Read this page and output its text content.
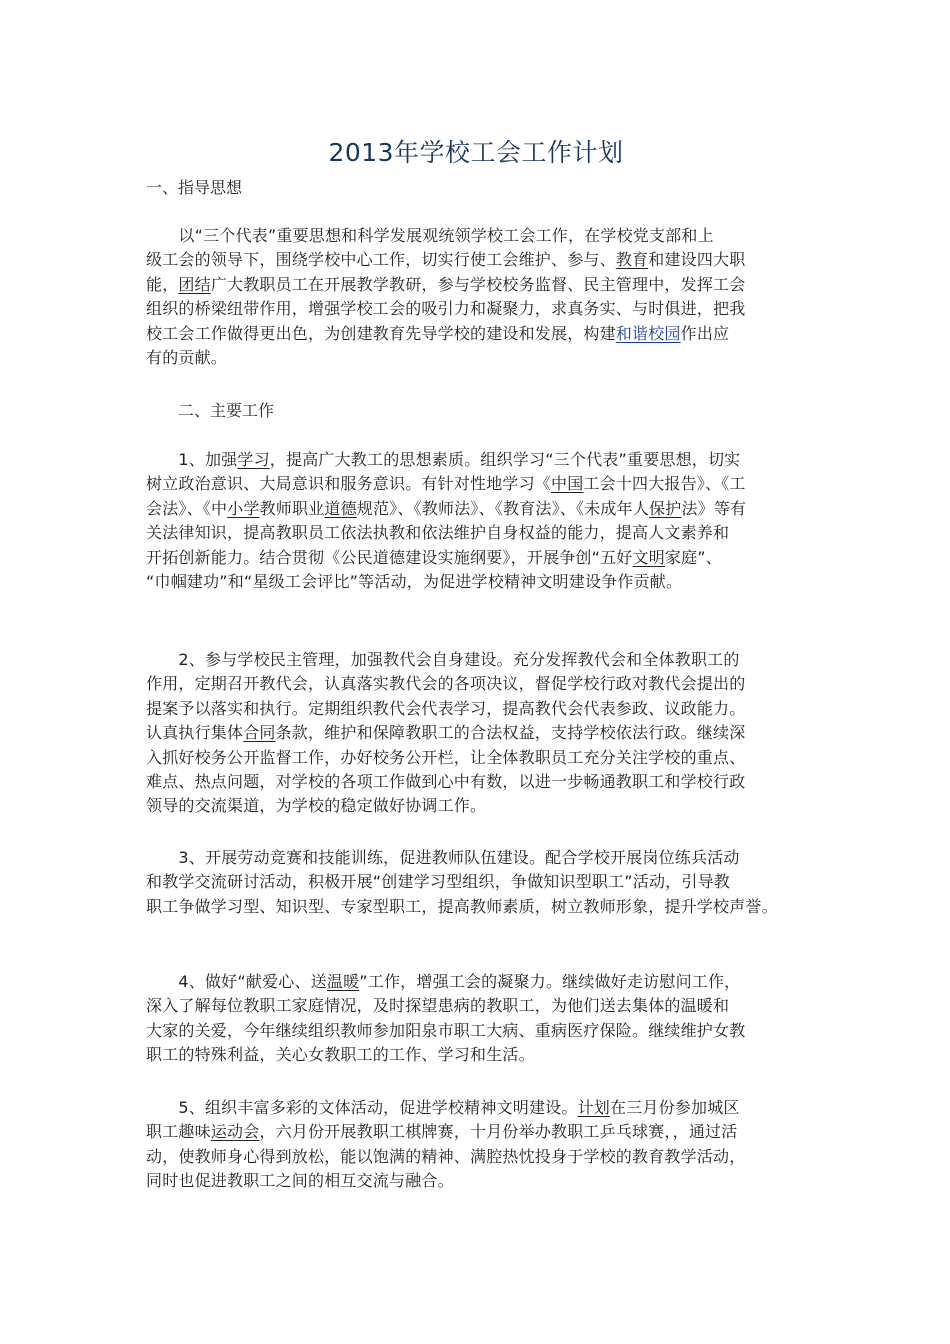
2013年学校工会工作计划
一、指导思想
　　以“三个代表”重要思想和科学发展观统领学校工会工作，在学校党支部和上
级工会的领导下，围绕学校中心工作，切实行使工会维护、参与、教育和建设四大职
能，团结广大教职员工在开展教学教研，参与学校校务监督、民主管理中，发挥工会
组织的桥梁纽带作用，增强学校工会的吸引力和凝聚力，求真务实、与时俱进，把我
校工会工作做得更出色，为创建教育先导学校的建设和发展，构建和谐校园作出应
有的贡献。
　　二、主要工作
　　1、加强学习，提高广大教工的思想素质。组织学习“三个代表”重要思想，切实
树立政治意识、大局意识和服务意识。有针对性地学习《中国工会十四大报告》、《工
会法》、《中小学教师职业道德规范》、《教师法》、《教育法》、《未成年人保护法》等有
关法律知识，提高教职员工依法执教和依法维护自身权益的能力，提高人文素养和
开拓创新能力。结合贯彻《公民道德建设实施纲要》，开展争创“五好文明家庭”、
“巾帼建功”和“星级工会评比”等活动，为促进学校精神文明建设争作贡献。
　　2、参与学校民主管理，加强教代会自身建设。充分发挥教代会和全体教职工的
作用，定期召开教代会，认真落实教代会的各项决议，督促学校行政对教代会提出的
提案予以落实和执行。定期组织教代会代表学习，提高教代会代表参政、议政能力。
认真执行集体合同条款，维护和保障教职工的合法权益，支持学校依法行政。继续深
入抓好校务公开监督工作，办好校务公开栏，让全体教职员工充分关注学校的重点、
难点、热点问题，对学校的各项工作做到心中有数，以进一步畅通教职工和学校行政
领导的交流渠道，为学校的稳定做好协调工作。
　　3、开展劳动竞赛和技能训练，促进教师队伍建设。配合学校开展岗位练兵活动
和教学交流研讨活动，积极开展“创建学习型组织，争做知识型职工”活动，引导教
职工争做学习型、知识型、专家型职工，提高教师素质，树立教师形象，提升学校声誉。
　　4、做好“献爱心、送温暖”工作，增强工会的凝聚力。继续做好走访慰问工作，
深入了解每位教职工家庭情况，及时探望患病的教职工，为他们送去集体的温暖和
大家的关爱，今年继续组织教师参加阳泉市职工大病、重病医疗保险。继续维护女教
职工的特殊利益，关心女教职工的工作、学习和生活。
　　5、组织丰富多彩的文体活动，促进学校精神文明建设。计划在三月份参加城区
职工趣味运动会，六月份开展教职工棋牌赛，十月份举办教职工乒乓球赛，，通过活
动，使教师身心得到放松，能以饱满的精神、满腔热忱投身于学校的教育教学活动，
同时也促进教职工之间的相互交流与融合。
